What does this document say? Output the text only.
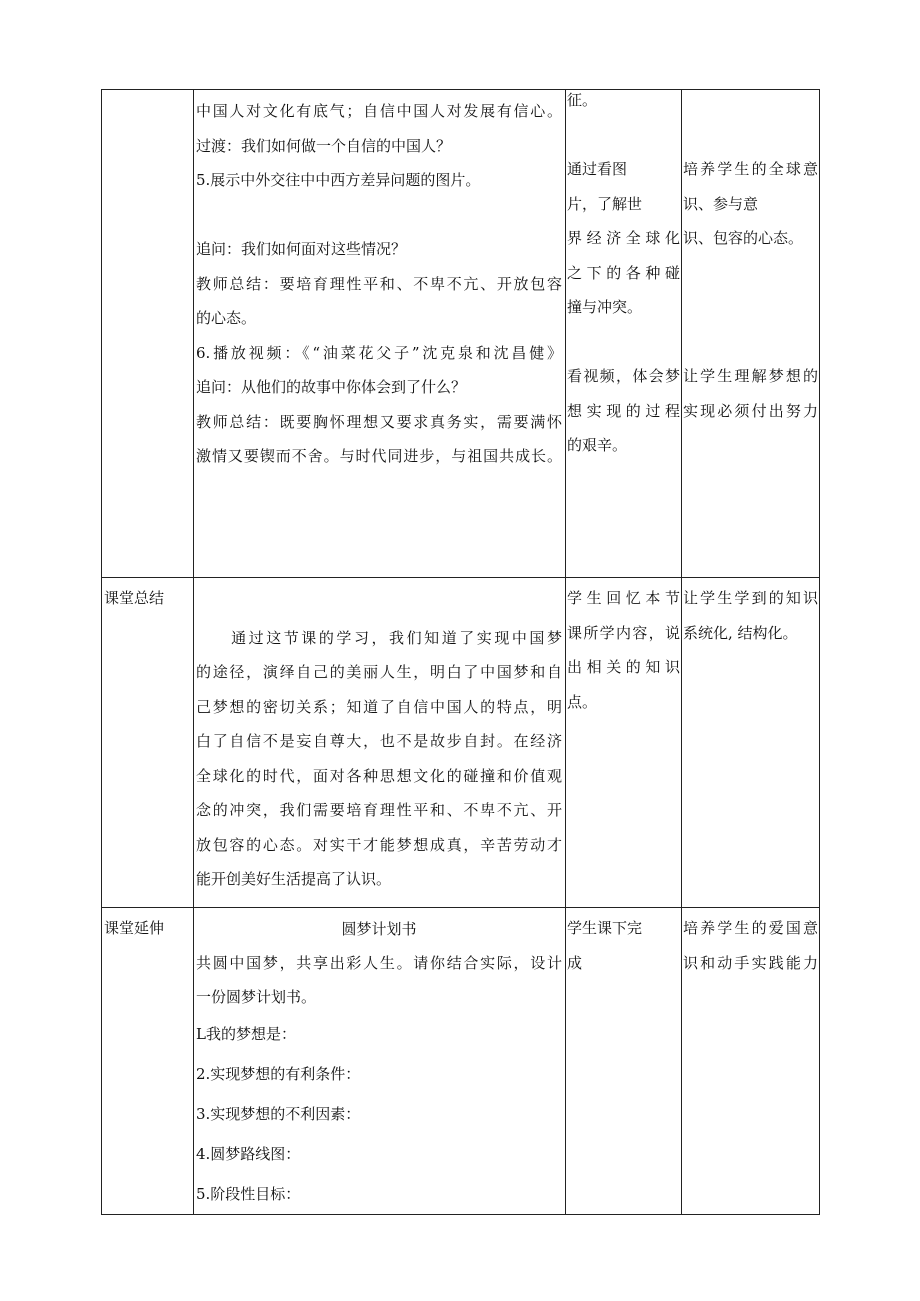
中国人对文化有底气；自信中国人对发展有信心。

过渡：我们如何做一个自信的中国人？

5.展示中外交往中中西方差异问题的图片。

追问：我们如何面对这些情况？

教师总结：要培育理性平和、不卑不亢、开放包容

的心态。

6.播放视频：《“油菜花父子”沈克泉和沈昌健》

追问：从他们的故事中你体会到了什么？

教师总结：既要胸怀理想又要求真务实，需要满怀

激情又要锲而不舍。与时代同进步，与祖国共成长。

征。

通过看图

片，了解世

界经济全球化

之下的各种碰

撞与冲突。

看视频，体会梦

想实现的过程

的艰辛。

培养学生的全球意

识、参与意

识、包容的心态。

让学生理解梦想的

实现必须付出努力

课堂总结

　　通过这节课的学习，我们知道了实现中国梦

的途径，演绎自己的美丽人生，明白了中国梦和自

己梦想的密切关系；知道了自信中国人的特点，明

白了自信不是妄自尊大，也不是故步自封。在经济

全球化的时代，面对各种思想文化的碰撞和价值观

念的冲突，我们需要培育理性平和、不卑不亢、开

放包容的心态。对实干才能梦想成真，辛苦劳动才

能开创美好生活提高了认识。

学生回忆本节

课所学内容，说

出相关的知识

点。

让学生学到的知识

系统化, 结构化。

课堂延伸	圆梦计划书

共圆中国梦，共享出彩人生。请你结合实际，设计

一份圆梦计划书。

L我的梦想是：

2.实现梦想的有利条件：

3.实现梦想的不利因素：

4.圆梦路线图：

5.阶段性目标：

学生课下完

成

培养学生的爱国意

识和动手实践能力
